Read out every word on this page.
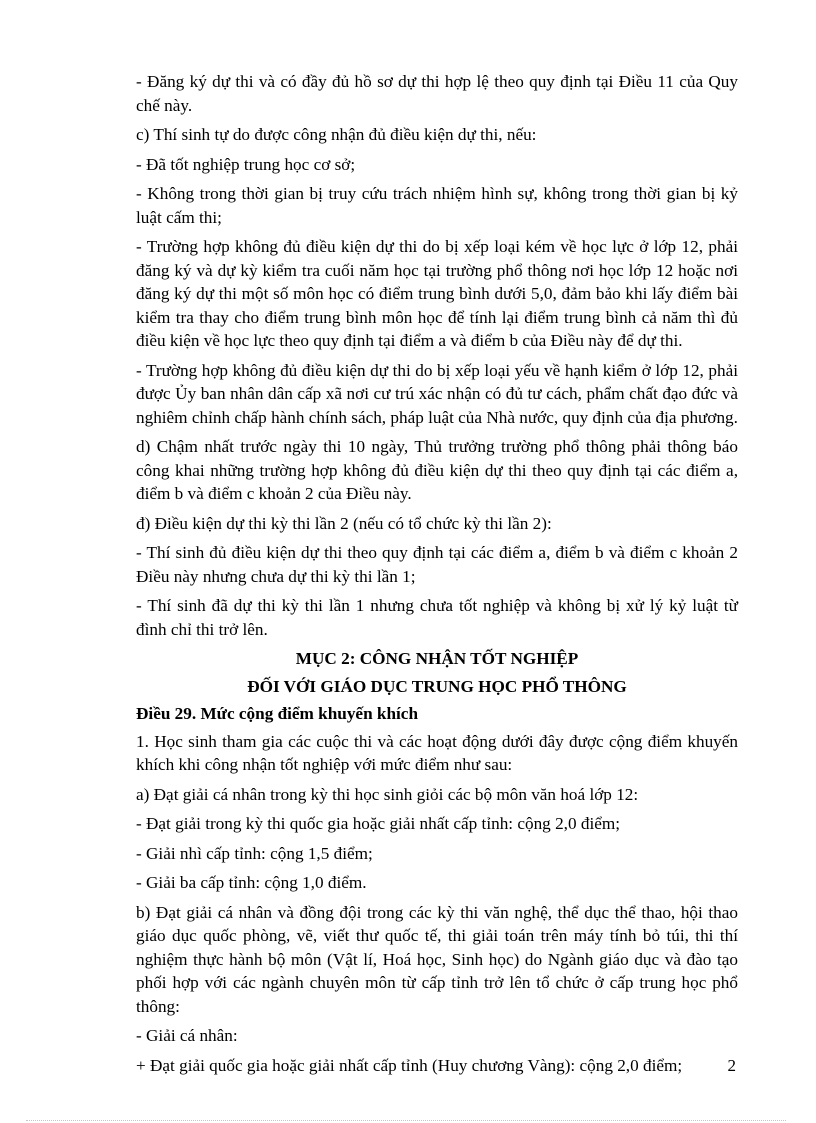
- Đăng ký dự thi và có đầy đủ hồ sơ dự thi hợp lệ theo quy định tại Điều 11 của Quy chế này.

c) Thí sinh tự do được công nhận đủ điều kiện dự thi, nếu:

- Đã tốt nghiệp trung học cơ sở;

- Không trong thời gian bị truy cứu trách nhiệm hình sự, không trong thời gian bị kỷ luật cấm thi;

- Trường hợp không đủ điều kiện dự thi do bị xếp loại kém về học lực ở lớp 12, phải đăng ký và dự kỳ kiểm tra cuối năm học tại trường phổ thông nơi học lớp 12 hoặc nơi đăng ký dự thi một số môn học có điểm trung bình dưới 5,0, đảm bảo khi lấy điểm bài kiểm tra thay cho điểm trung bình môn học để tính lại điểm trung bình cả năm thì đủ điều kiện về học lực theo quy định tại điểm a và điểm b của Điều này để dự thi.

- Trường hợp không đủ điều kiện dự thi do bị xếp loại yếu về hạnh kiểm ở lớp 12, phải được Ủy ban nhân dân cấp xã nơi cư trú xác nhận có đủ tư cách, phẩm chất đạo đức và nghiêm chỉnh chấp hành chính sách, pháp luật của Nhà nước, quy định của địa phương.

d) Chậm nhất trước ngày thi 10 ngày, Thủ trưởng trường phổ thông phải thông báo công khai những trường hợp không đủ điều kiện dự thi theo quy định tại các điểm a, điểm b và điểm c khoản 2 của Điều này.

đ) Điều kiện dự thi kỳ thi lần 2 (nếu có tổ chức kỳ thi lần 2):

- Thí sinh đủ điều kiện dự thi theo quy định tại các điểm a, điểm b và điểm c khoản 2 Điều này nhưng chưa dự thi kỳ thi lần 1;

- Thí sinh đã dự thi kỳ thi lần 1 nhưng chưa tốt nghiệp và không bị xử lý kỷ luật từ đình chỉ thi trở lên.

MỤC 2: CÔNG NHẬN TỐT NGHIỆP
ĐỐI VỚI GIÁO DỤC TRUNG HỌC PHỔ THÔNG
Điều 29. Mức cộng điểm khuyến khích

1. Học sinh tham gia các cuộc thi và các hoạt động dưới đây được cộng điểm khuyến khích khi công nhận tốt nghiệp với mức điểm như sau:

a) Đạt giải cá nhân trong kỳ thi học sinh giỏi các bộ môn văn hoá lớp 12:

- Đạt giải trong kỳ thi quốc gia hoặc giải nhất cấp tỉnh: cộng 2,0 điểm;

- Giải nhì cấp tỉnh: cộng 1,5 điểm;

- Giải ba cấp tỉnh: cộng 1,0 điểm.

b) Đạt giải cá nhân và đồng đội trong các kỳ thi văn nghệ, thể dục thể thao, hội thao giáo dục quốc phòng, vẽ, viết thư quốc tế, thi giải toán trên máy tính bỏ túi, thi thí nghiệm thực hành bộ môn (Vật lí, Hoá học, Sinh học) do Ngành giáo dục và đào tạo phối hợp với các ngành chuyên môn từ cấp tỉnh trở lên tổ chức ở cấp trung học phổ thông:

- Giải cá nhân:

+ Đạt giải quốc gia hoặc giải nhất cấp tỉnh (Huy chương Vàng): cộng 2,0 điểm;	2
